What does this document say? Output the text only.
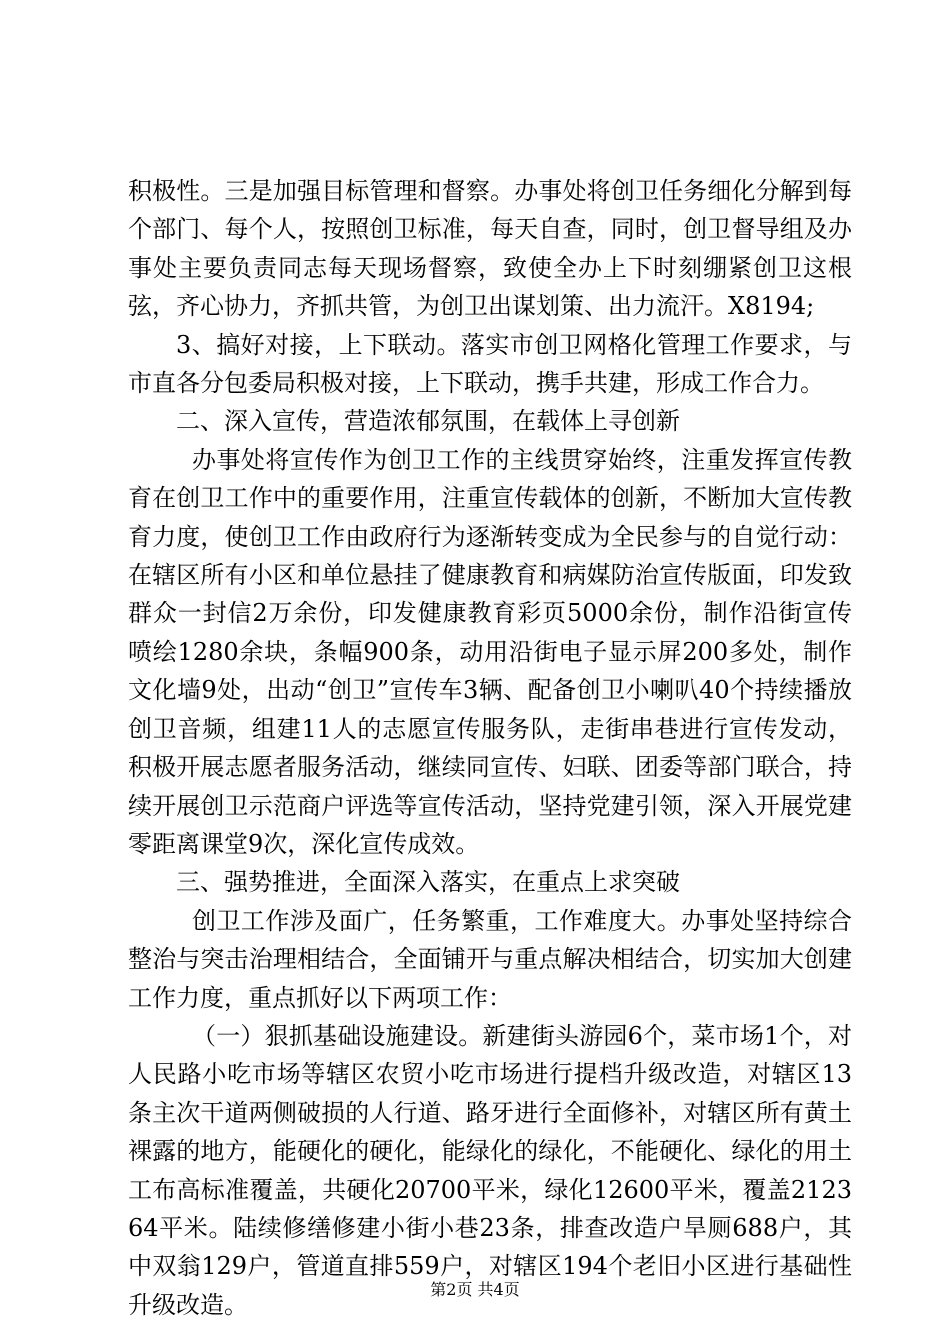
积极性。三是加强目标管理和督察。办事处将创卫任务细化分解到每个部门、每个人，按照创卫标准，每天自查，同时，创卫督导组及办事处主要负责同志每天现场督察，致使全办上下时刻绷紧创卫这根弦，齐心协力，齐抓共管，为创卫出谋划策、出力流汗。X8194;

3、搞好对接，上下联动。落实市创卫网格化管理工作要求，与市直各分包委局积极对接，上下联动，携手共建，形成工作合力。

二、深入宣传，营造浓郁氛围，在载体上寻创新

办事处将宣传作为创卫工作的主线贯穿始终，注重发挥宣传教育在创卫工作中的重要作用，注重宣传载体的创新，不断加大宣传教育力度，使创卫工作由政府行为逐渐转变成为全民参与的自觉行动：在辖区所有小区和单位悬挂了健康教育和病媒防治宣传版面，印发致群众一封信2万余份，印发健康教育彩页5000余份，制作沿街宣传喷绘1280余块，条幅900条，动用沿街电子显示屏200多处，制作文化墙9处，出动“创卫”宣传车3辆、配备创卫小喇叭40个持续播放创卫音频，组建11人的志愿宣传服务队，走街串巷进行宣传发动，积极开展志愿者服务活动，继续同宣传、妇联、团委等部门联合，持续开展创卫示范商户评选等宣传活动，坚持党建引领，深入开展党建零距离课堂9次，深化宣传成效。

三、强势推进，全面深入落实，在重点上求突破

创卫工作涉及面广，任务繁重，工作难度大。办事处坚持综合整治与突击治理相结合，全面铺开与重点解决相结合，切实加大创建工作力度，重点抓好以下两项工作：

（一）狠抓基础设施建设。新建街头游园6个，菜市场1个，对人民路小吃市场等辖区农贸小吃市场进行提档升级改造，对辖区13条主次干道两侧破损的人行道、路牙进行全面修补，对辖区所有黄土裸露的地方，能硬化的硬化，能绿化的绿化，不能硬化、绿化的用土工布高标准覆盖，共硬化20700平米，绿化12600平米，覆盖212364平米。陆续修缮修建小街小巷23条，排查改造户旱厕688户，其中双翁129户，管道直排559户，对辖区194个老旧小区进行基础性升级改造。

第2页 共4页
